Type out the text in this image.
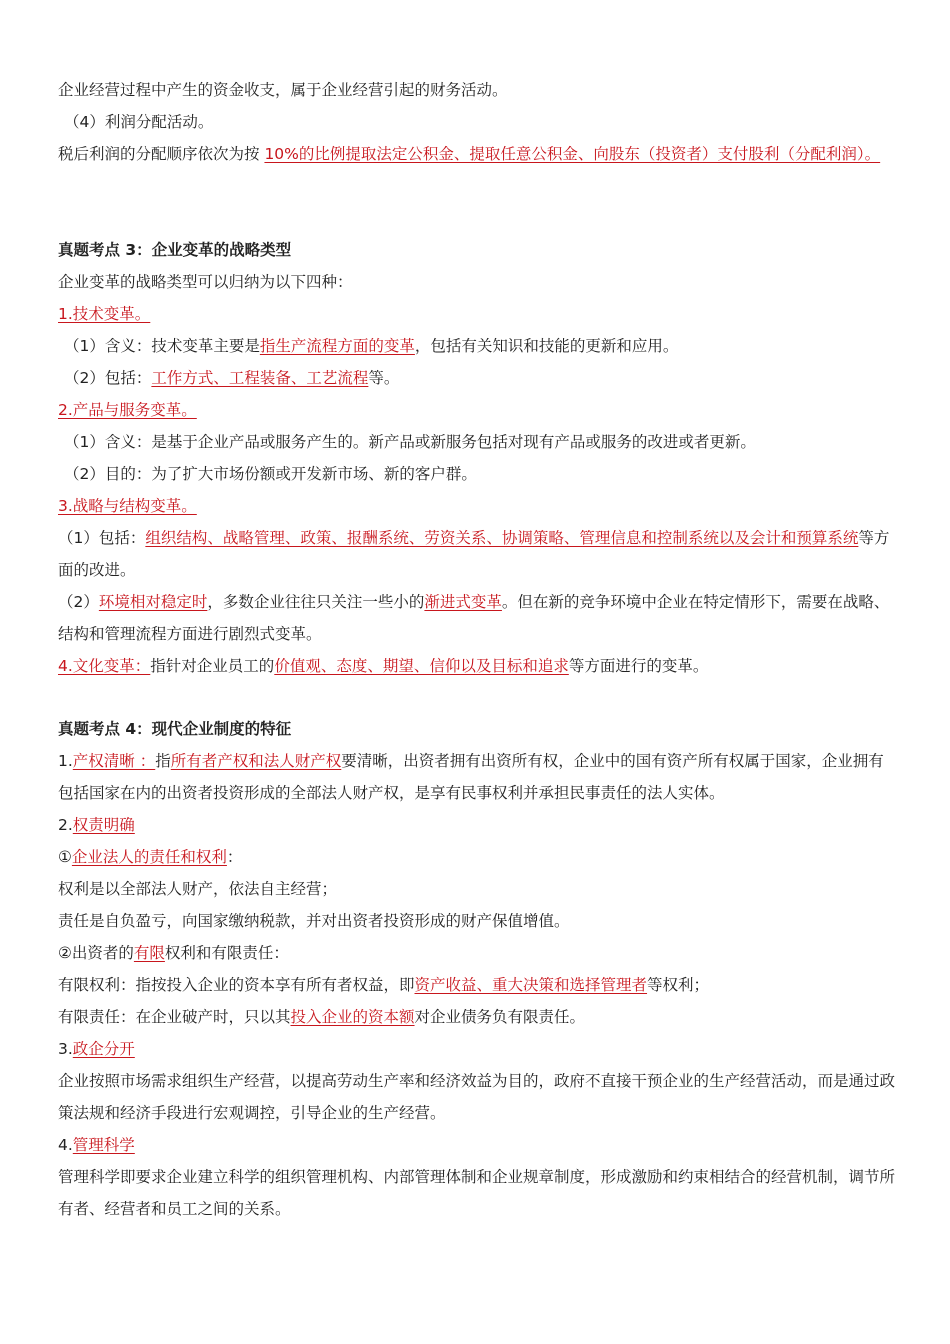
企业经营过程中产生的资金收支，属于企业经营引起的财务活动。
（4）利润分配活动。
税后利润的分配顺序依次为按 10%的比例提取法定公积金、提取任意公积金、向股东（投资者）支付股利（分配利润）。
真题考点 3：企业变革的战略类型
企业变革的战略类型可以归纳为以下四种：
1.技术变革。
（1）含义：技术变革主要是指生产流程方面的变革，包括有关知识和技能的更新和应用。
（2）包括：工作方式、工程装备、工艺流程等。
2.产品与服务变革。
（1）含义：是基于企业产品或服务产生的。新产品或新服务包括对现有产品或服务的改进或者更新。
（2）目的：为了扩大市场份额或开发新市场、新的客户群。
3.战略与结构变革。
（1）包括：组织结构、战略管理、政策、报酬系统、劳资关系、协调策略、管理信息和控制系统以及会计和预算系统等方面的改进。
（2）环境相对稳定时，多数企业往往只关注一些小的渐进式变革。但在新的竞争环境中企业在特定情形下，需要在战略、结构和管理流程方面进行剧烈式变革。
4.文化变革：指针对企业员工的价值观、态度、期望、信仰以及目标和追求等方面进行的变革。
真题考点 4：现代企业制度的特征
1.产权清晰 ：指所有者产权和法人财产权要清晰，出资者拥有出资所有权，企业中的国有资产所有权属于国家，企业拥有包括国家在内的出资者投资形成的全部法人财产权，是享有民事权利并承担民事责任的法人实体。
2.权责明确
①企业法人的责任和权利：
权利是以全部法人财产，依法自主经营；
责任是自负盈亏，向国家缴纳税款，并对出资者投资形成的财产保值增值。
②出资者的有限权利和有限责任：
有限权利：指按投入企业的资本享有所有者权益，即资产收益、重大决策和选择管理者等权利；
有限责任：在企业破产时，只以其投入企业的资本额对企业债务负有限责任。
3.政企分开
企业按照市场需求组织生产经营，以提高劳动生产率和经济效益为目的，政府不直接干预企业的生产经营活动，而是通过政策法规和经济手段进行宏观调控，引导企业的生产经营。
4.管理科学
管理科学即要求企业建立科学的组织管理机构、内部管理体制和企业规章制度，形成激励和约束相结合的经营机制，调节所有者、经营者和员工之间的关系。
